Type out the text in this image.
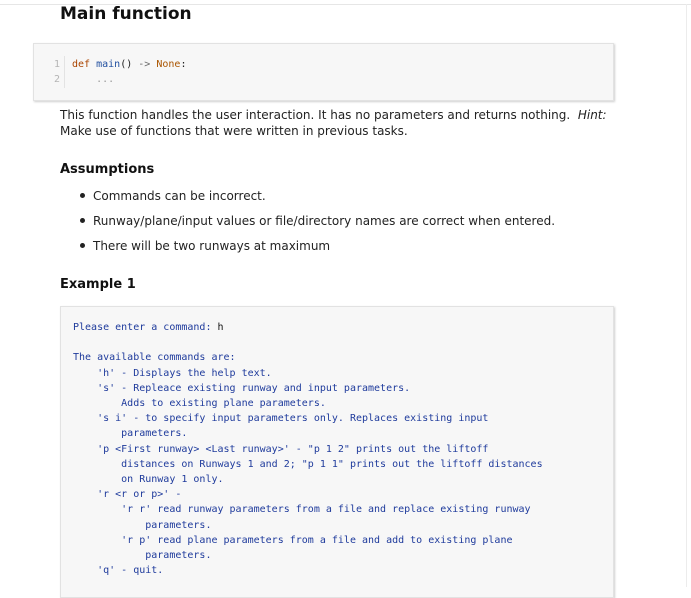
Main function
1
2
def main() -> None:
...

This function handles the user interaction. It has no parameters and returns nothing. Hint: Make use of functions that were written in previous tasks.

Assumptions
Commands can be incorrect.
Runway/plane/input values or file/directory names are correct when entered.
There will be two runways at maximum
Example 1
Please enter a command: h

The available commands are:
'h' - Displays the help text.
's' - Repleace existing runway and input parameters.
Adds to existing plane parameters.
's i' - to specify input parameters only. Replaces existing input
parameters.
'p <First runway> <Last runway>' - "p 1 2" prints out the liftoff
distances on Runways 1 and 2; "p 1 1" prints out the liftoff distances
on Runway 1 only.
'r <r or p>' -
'r r' read runway parameters from a file and replace existing runway
parameters.
'r p' read plane parameters from a file and add to existing plane
parameters.
'q' - quit.
